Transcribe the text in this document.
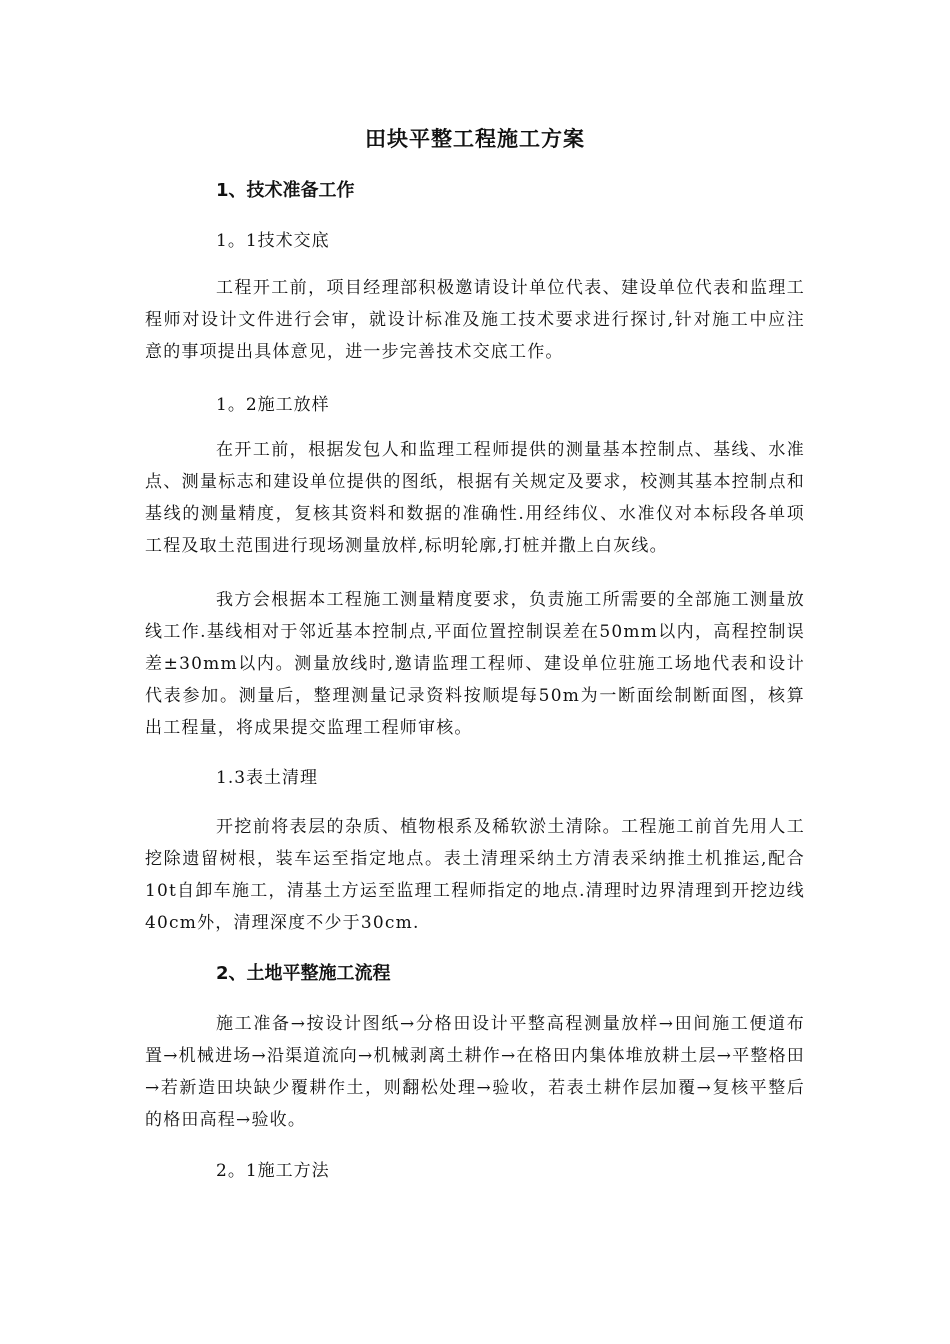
田块平整工程施工方案
1、技术准备工作
1。1技术交底
工程开工前，项目经理部积极邀请设计单位代表、建设单位代表和监理工程师对设计文件进行会审，就设计标准及施工技术要求进行探讨,针对施工中应注意的事项提出具体意见，进一步完善技术交底工作。
1。2施工放样
在开工前，根据发包人和监理工程师提供的测量基本控制点、基线、水准点、测量标志和建设单位提供的图纸，根据有关规定及要求，校测其基本控制点和基线的测量精度，复核其资料和数据的准确性.用经纬仪、水准仪对本标段各单项工程及取土范围进行现场测量放样,标明轮廓,打桩并撒上白灰线。
我方会根据本工程施工测量精度要求，负责施工所需要的全部施工测量放线工作.基线相对于邻近基本控制点,平面位置控制误差在50mm以内，高程控制误差±30mm以内。测量放线时,邀请监理工程师、建设单位驻施工场地代表和设计代表参加。测量后，整理测量记录资料按顺堤每50m为一断面绘制断面图，核算出工程量，将成果提交监理工程师审核。
1.3表土清理
开挖前将表层的杂质、植物根系及稀软淤土清除。工程施工前首先用人工挖除遗留树根，装车运至指定地点。表土清理采纳土方清表采纳推土机推运,配合10t自卸车施工，清基土方运至监理工程师指定的地点.清理时边界清理到开挖边线40cm外，清理深度不少于30cm.
2、土地平整施工流程
施工准备→按设计图纸→分格田设计平整高程测量放样→田间施工便道布置→机械进场→沿渠道流向→机械剥离土耕作→在格田内集体堆放耕土层→平整格田→若新造田块缺少覆耕作土，则翻松处理→验收，若表土耕作层加覆→复核平整后的格田高程→验收。
2。1施工方法
